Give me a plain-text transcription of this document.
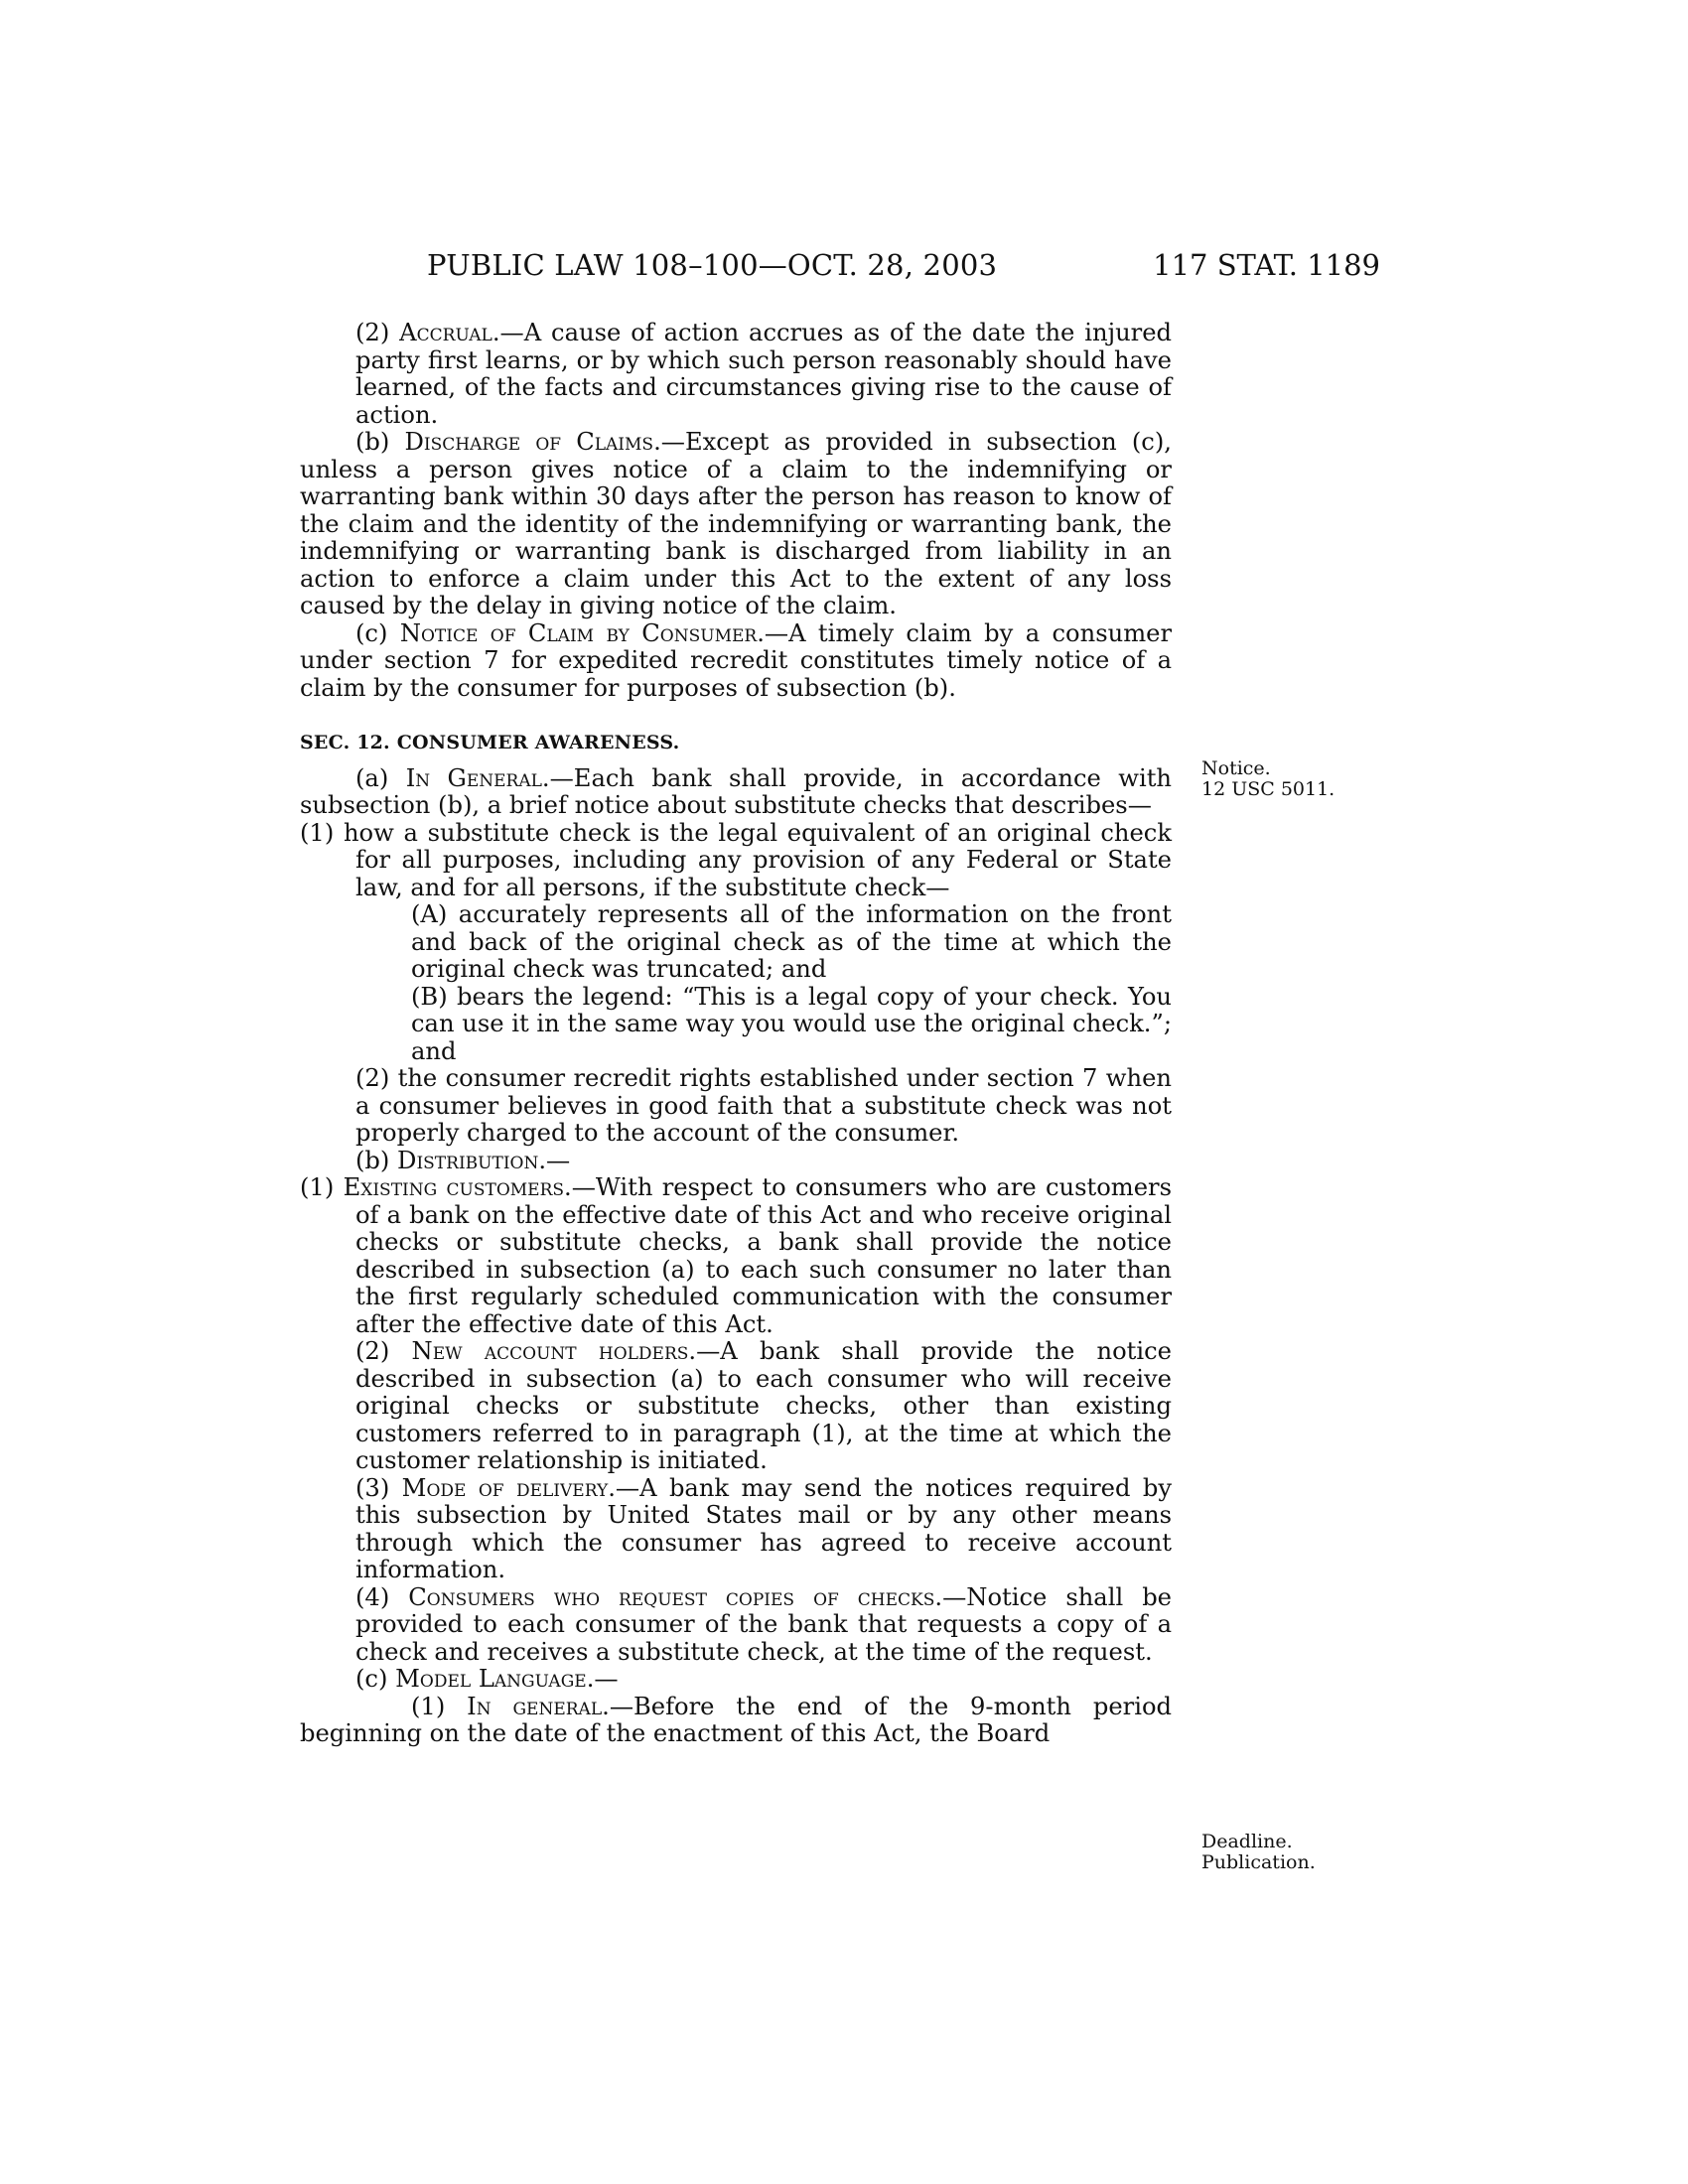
PUBLIC LAW 108–100—OCT. 28, 2003	117 STAT. 1189

(2) Accrual.—A cause of action accrues as of the date the injured party first learns, or by which such person reasonably should have learned, of the facts and circumstances giving rise to the cause of action.

(b) Discharge of Claims.—Except as provided in subsection (c), unless a person gives notice of a claim to the indemnifying or warranting bank within 30 days after the person has reason to know of the claim and the identity of the indemnifying or warranting bank, the indemnifying or warranting bank is discharged from liability in an action to enforce a claim under this Act to the extent of any loss caused by the delay in giving notice of the claim.

(c) Notice of Claim by Consumer.—A timely claim by a consumer under section 7 for expedited recredit constitutes timely notice of a claim by the consumer for purposes of subsection (b).

SEC. 12. CONSUMER AWARENESS.

(a) In General.—Each bank shall provide, in accordance with subsection (b), a brief notice about substitute checks that describes—

(1) how a substitute check is the legal equivalent of an original check for all purposes, including any provision of any Federal or State law, and for all persons, if the substitute check—

(A) accurately represents all of the information on the front and back of the original check as of the time at which the original check was truncated; and

(B) bears the legend: “This is a legal copy of your check. You can use it in the same way you would use the original check.”; and

(2) the consumer recredit rights established under section 7 when a consumer believes in good faith that a substitute check was not properly charged to the account of the consumer.

(b) Distribution.—

(1) Existing customers.—With respect to consumers who are customers of a bank on the effective date of this Act and who receive original checks or substitute checks, a bank shall provide the notice described in subsection (a) to each such consumer no later than the first regularly scheduled communication with the consumer after the effective date of this Act.

(2) New account holders.—A bank shall provide the notice described in subsection (a) to each consumer who will receive original checks or substitute checks, other than existing customers referred to in paragraph (1), at the time at which the customer relationship is initiated.

(3) Mode of delivery.—A bank may send the notices required by this subsection by United States mail or by any other means through which the consumer has agreed to receive account information.

(4) Consumers who request copies of checks.—Notice shall be provided to each consumer of the bank that requests a copy of a check and receives a substitute check, at the time of the request.

(c) Model Language.—

(1) In general.—Before the end of the 9-month period beginning on the date of the enactment of this Act, the Board

Notice.
12 USC 5011.
Deadline.
Publication.
